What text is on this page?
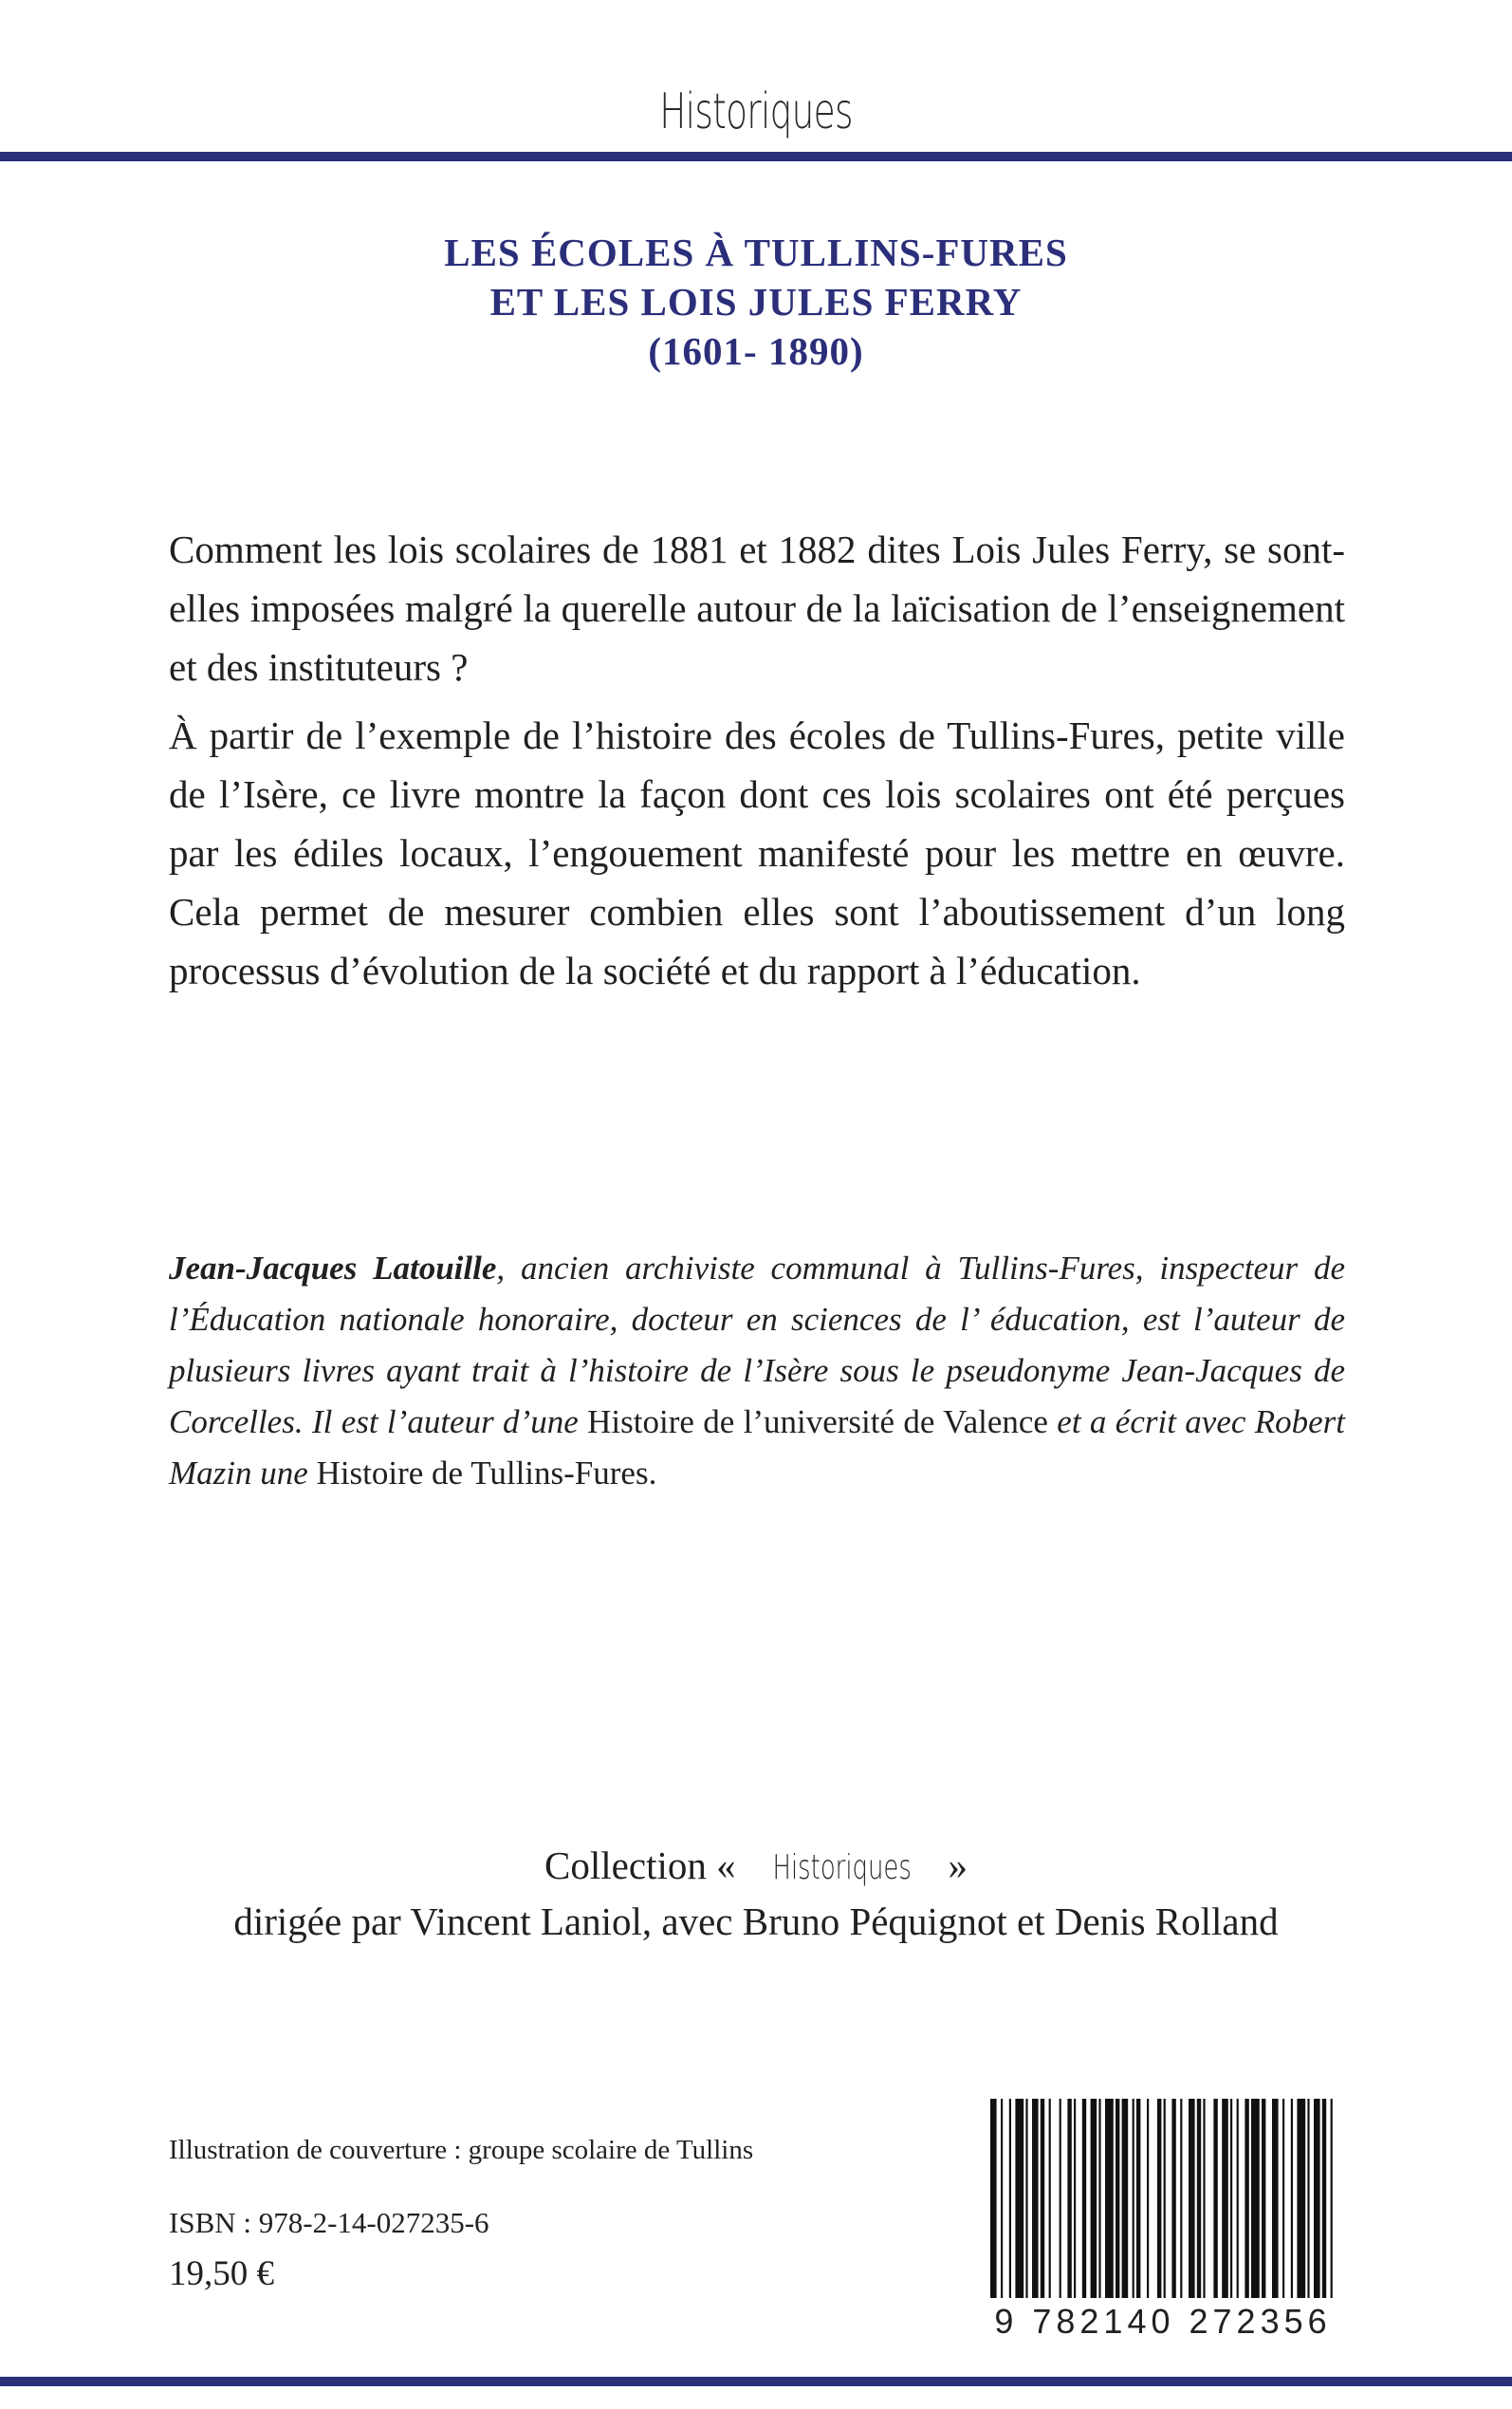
Historiques
LES ÉCOLES À TULLINS-FURES
ET LES LOIS JULES FERRY
(1601- 1890)

Comment les lois scolaires de 1881 et 1882 dites Lois Jules Ferry, se sont-elles imposées malgré la querelle autour de la laïcisation de l’enseignement et des instituteurs ?

À partir de l’exemple de l’histoire des écoles de Tullins-Fures, petite ville de l’Isère, ce livre montre la façon dont ces lois scolaires ont été perçues par les édiles locaux, l’engouement manifesté pour les mettre en œuvre. Cela permet de mesurer combien elles sont l’aboutissement d’un long processus d’évolution de la société et du rapport à l’éducation.

Jean-Jacques Latouille, ancien archiviste communal à Tullins-Fures, inspecteur de l’Éducation nationale honoraire, docteur en sciences de l’ éducation, est l’auteur de plusieurs livres ayant trait à l’histoire de l’Isère sous le pseudonyme Jean-Jacques de Corcelles. Il est l’auteur d’une Histoire de l’université de Valence et a écrit avec Robert Mazin une Histoire de Tullins-Fures.

Collection « Historiques »
dirigée par Vincent Laniol, avec Bruno Péquignot et Denis Rolland
Illustration de couverture : groupe scolaire de Tullins
ISBN : 978-2-14-027235-6
19,50 €
9 782140 272356
